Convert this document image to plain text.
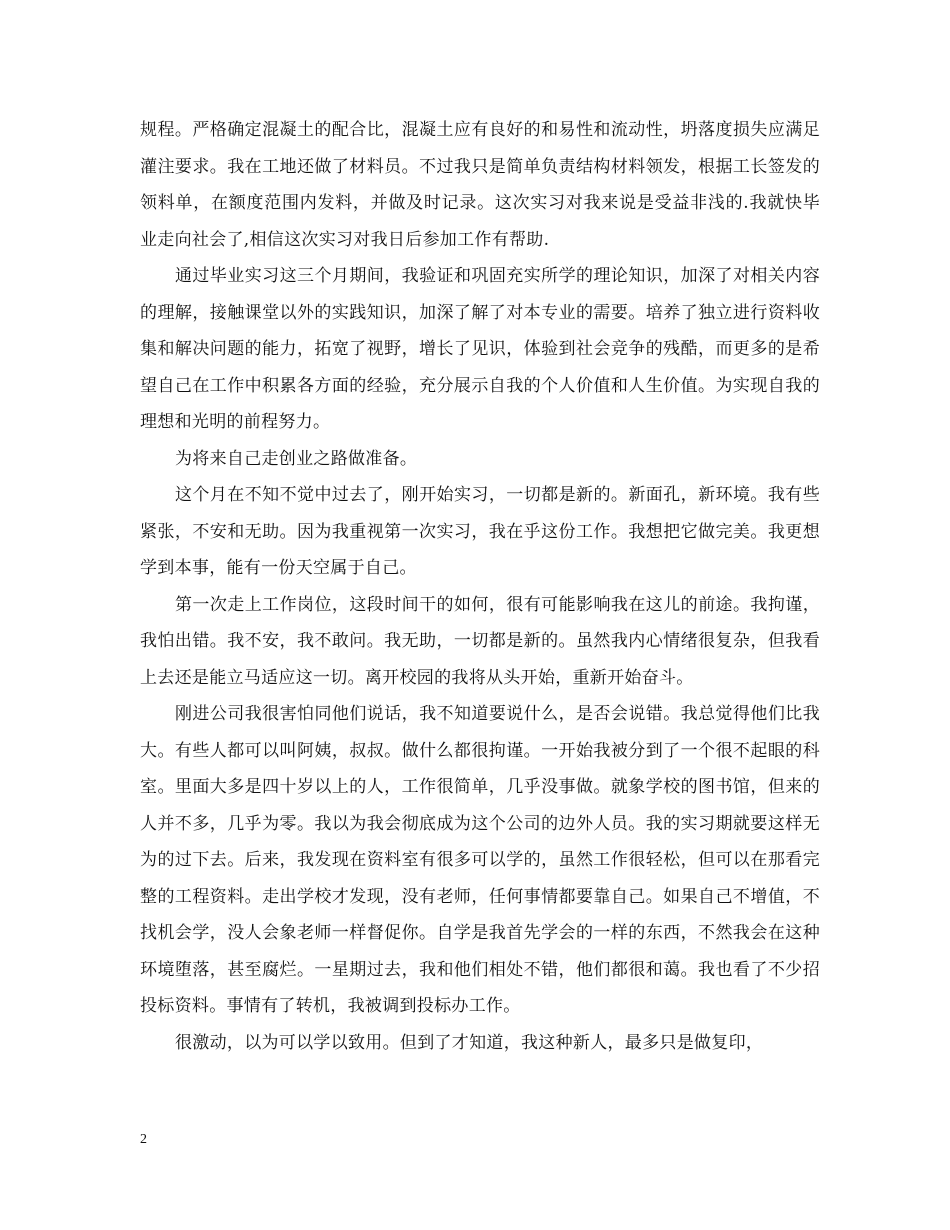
规程。严格确定混凝土的配合比，混凝土应有良好的和易性和流动性，坍落度损失应满足灌注要求。我在工地还做了材料员。不过我只是简单负责结构材料领发，根据工长签发的领料单，在额度范围内发料，并做及时记录。这次实习对我来说是受益非浅的.我就快毕业走向社会了,相信这次实习对我日后参加工作有帮助.

通过毕业实习这三个月期间，我验证和巩固充实所学的理论知识，加深了对相关内容的理解，接触课堂以外的实践知识，加深了解了对本专业的需要。培养了独立进行资料收集和解决问题的能力，拓宽了视野，增长了见识，体验到社会竞争的残酷，而更多的是希望自己在工作中积累各方面的经验，充分展示自我的个人价值和人生价值。为实现自我的理想和光明的前程努力。

为将来自己走创业之路做准备。

这个月在不知不觉中过去了，刚开始实习，一切都是新的。新面孔，新环境。我有些紧张，不安和无助。因为我重视第一次实习，我在乎这份工作。我想把它做完美。我更想学到本事，能有一份天空属于自己。

第一次走上工作岗位，这段时间干的如何，很有可能影响我在这儿的前途。我拘谨，我怕出错。我不安，我不敢问。我无助，一切都是新的。虽然我内心情绪很复杂，但我看上去还是能立马适应这一切。离开校园的我将从头开始，重新开始奋斗。

刚进公司我很害怕同他们说话，我不知道要说什么，是否会说错。我总觉得他们比我大。有些人都可以叫阿姨，叔叔。做什么都很拘谨。一开始我被分到了一个很不起眼的科室。里面大多是四十岁以上的人，工作很简单，几乎没事做。就象学校的图书馆，但来的人并不多，几乎为零。我以为我会彻底成为这个公司的边外人员。我的实习期就要这样无为的过下去。后来，我发现在资料室有很多可以学的，虽然工作很轻松，但可以在那看完整的工程资料。走出学校才发现，没有老师，任何事情都要靠自己。如果自己不增值，不找机会学，没人会象老师一样督促你。自学是我首先学会的一样的东西，不然我会在这种环境堕落，甚至腐烂。一星期过去，我和他们相处不错，他们都很和蔼。我也看了不少招投标资料。事情有了转机，我被调到投标办工作。

很激动，以为可以学以致用。但到了才知道，我这种新人，最多只是做复印，

2
